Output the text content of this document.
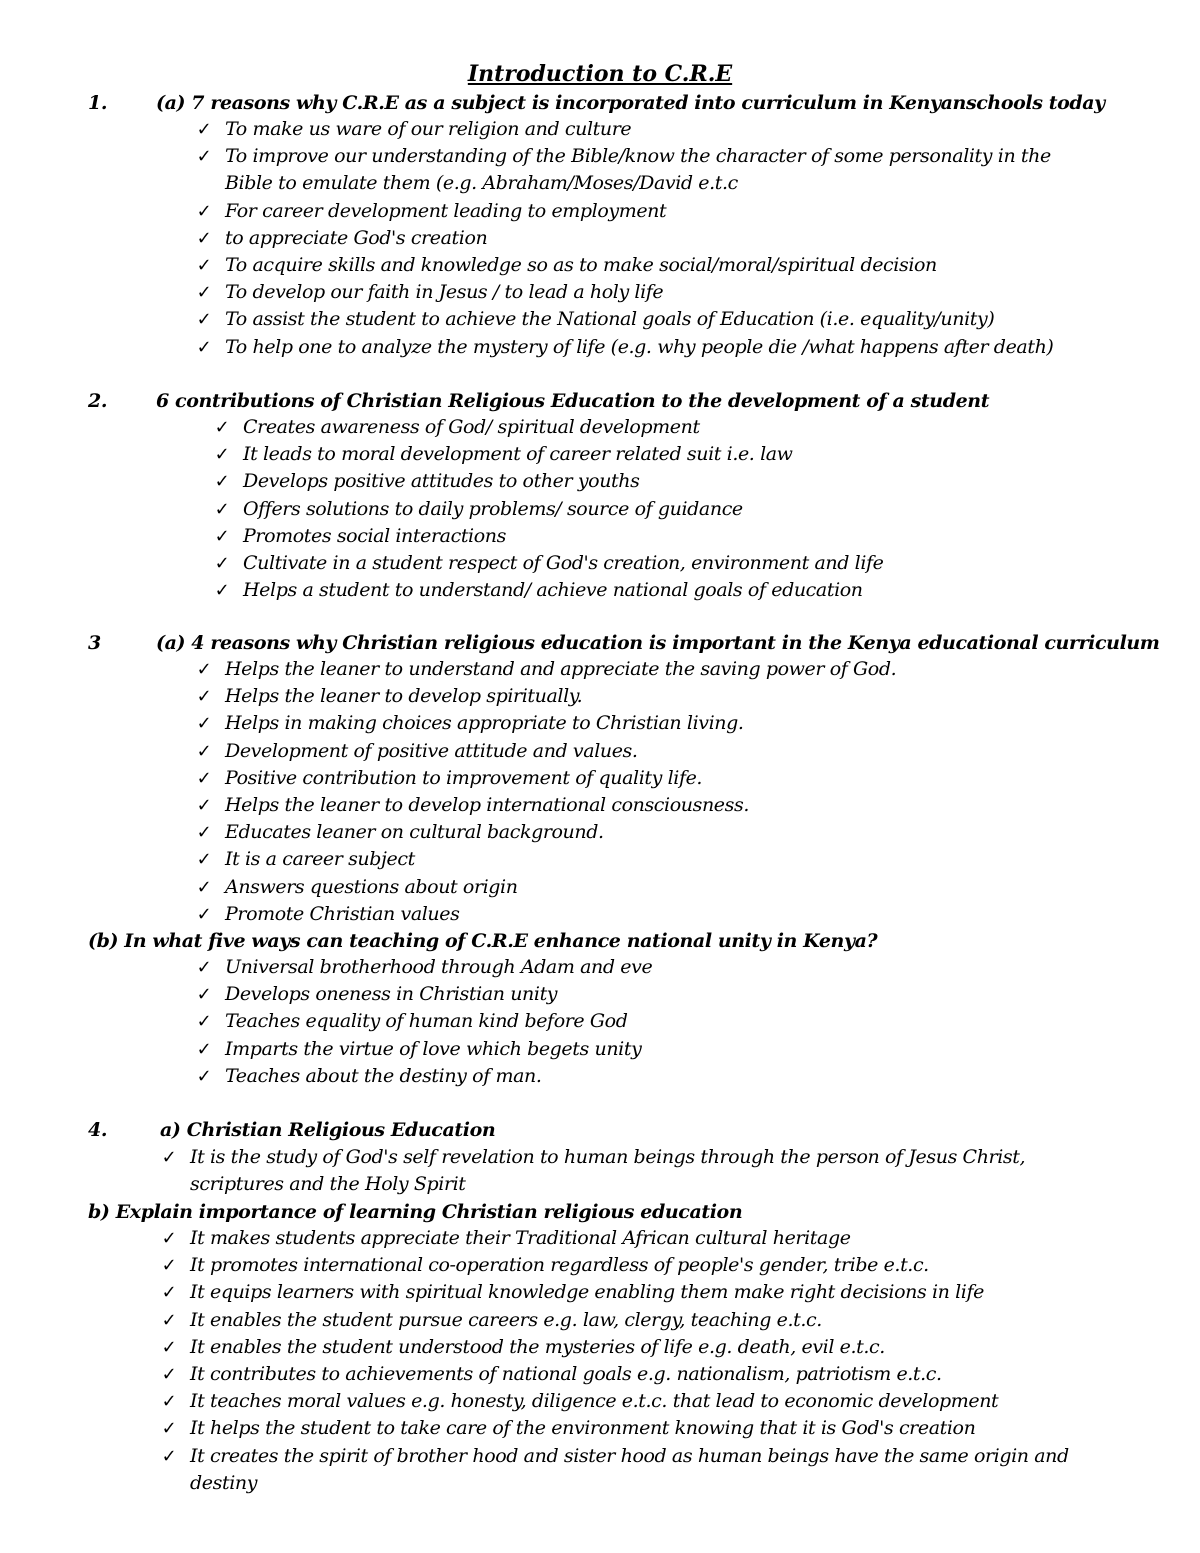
Introduction to C.R.E
1.	(a) 7 reasons why C.R.E as a subject is incorporated into curriculum in Kenyanschools today
✓ To make us ware of our religion and culture
✓ To improve our understanding of the Bible/know the character of some personality in the Bible to emulate them (e.g. Abraham/Moses/David e.t.c
✓ For career development leading to employment
✓ to appreciate God's creation
✓ To acquire skills and knowledge so as to make social/moral/spiritual decision
✓ To develop our faith in Jesus / to lead a holy life
✓ To assist the student to achieve the National goals of Education (i.e. equality/unity)
✓ To help one to analyze the mystery of life (e.g. why people die /what happens after death)
2.	6 contributions of Christian Religious Education to the development of a student
✓ Creates awareness of God/ spiritual development
✓ It leads to moral development of career related suit i.e. law
✓ Develops positive attitudes to other youths
✓ Offers solutions to daily problems/ source of guidance
✓ Promotes social interactions
✓ Cultivate in a student respect of God's creation, environment and life
✓ Helps a student to understand/ achieve national goals of education
3	(a) 4 reasons why Christian religious education is important in the Kenya educational curriculum
✓ Helps the leaner to understand and appreciate the saving power of God.
✓ Helps the leaner to develop spiritually.
✓ Helps in making choices appropriate to Christian living.
✓ Development of positive attitude and values.
✓ Positive contribution to improvement of quality life.
✓ Helps the leaner to develop international consciousness.
✓ Educates leaner on cultural background.
✓ It is a career subject
✓ Answers questions about origin
✓ Promote Christian values
(b) In what five ways can teaching of C.R.E enhance national unity in Kenya?
✓ Universal brotherhood through Adam and eve
✓ Develops oneness in Christian unity
✓ Teaches equality of human kind before God
✓ Imparts the virtue of love which begets unity
✓ Teaches about the destiny of man.
4.	a) Christian Religious Education
✓ It is the study of God's self revelation to human beings through the person of Jesus Christ, scriptures and the Holy Spirit
b) Explain importance of learning Christian religious education
✓ It makes students appreciate their Traditional African cultural heritage
✓ It promotes international co-operation regardless of people's gender, tribe e.t.c.
✓ It equips learners with spiritual knowledge enabling them make right decisions in life
✓ It enables the student pursue careers e.g. law, clergy, teaching e.t.c.
✓ It enables the student understood the mysteries of life e.g. death, evil e.t.c.
✓ It contributes to achievements of national goals e.g. nationalism, patriotism e.t.c.
✓ It teaches moral values e.g. honesty, diligence e.t.c. that lead to economic development
✓ It helps the student to take care of the environment knowing that it is God's creation
✓ It creates the spirit of brother hood and sister hood as human beings have the same origin and destiny
